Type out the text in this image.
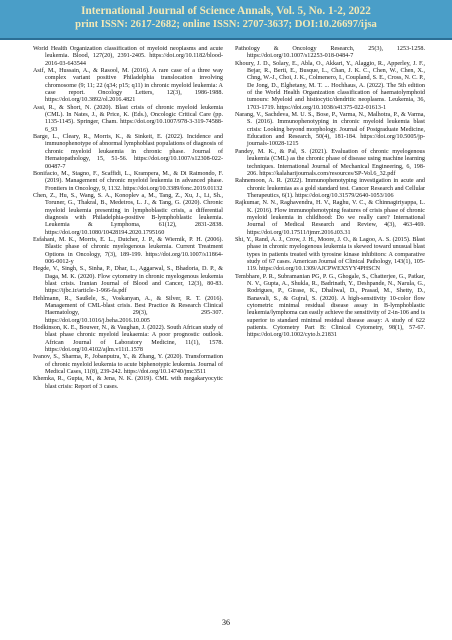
International Journal of Science Annals, Vol. 5, No. 1-2, 2022
print ISSN: 2617-2682; online ISSN: 2707-3637; DOI:10.26697/ijsa

World Health Organization classification of myeloid neoplasms and acute leukemia. Blood, 127(20), 2391-2405. https://doi.org/10.1182/blood-2016-03-643544

Asif, M., Hussain, A., & Rasool, M. (2016). A rare case of a three way complex variant positive Philadelphia translocation involving chromosome (9; 11; 22 (q34; p15; q11) in chronic myeloid leukemia: A case report. Oncology Letters, 12(3), 1986-1988. https://doi.org/10.3892/ol.2016.4821

Assi, R., & Short, N. (2020). Blast crisis of chronic myeloid leukemia (CML). In Nates, J., & Price, K. (Eds.), Oncologic Critical Care (pp. 1135-1145). Springer, Cham. https://doi.org/10.1007/978-3-319-74588-6_93

Barge, L., Cleary, R., Morris, K., & Sinkeit, E. (2022). Incidence and immunophenotype of abnormal lymphoblast populations of diagnosis of chronic myeloid leukaemia in chronic phase. Journal of Hematopathology, 15, 51-56. https://doi.org/10.1007/s12308-022-00487-7

Bonifacio, M., Stagno, F., Scaffidi, L., Krampera, M., & Di Raimondo, F. (2019). Management of chronic myeloid leukemia in advanced phase. Frontiers in Oncology, 9, 1132. https://doi.org/10.3389/fonc.2019.01132

Chen, Z., Hu, S., Wang, S. A., Konoplev a, M., Tang, Z., Xu, J., Li, Sh., Toruner, G., Thakral, B., Medeiros, L. J., & Tang, G. (2020). Chronic myeloid leukemia presenting in lymphoblastic crisis, a differential diagnosis with Philadelphia-positive B-lymphoblastic leukemia. Leukemia & Lymphoma, 61(12), 2831-2838. https://doi.org/10.1080/10428194.2020.1795160

Esfahani, M. K., Morris, E. L., Dutcher, J. P., & Wiernik, P. H. (2006). Blastic phase of chronic myelogenous leukemia. Current Treatment Options in Oncology, 7(3), 189-199. https://doi.org/10.1007/s11864-006-0012-y

Hegde, V., Singh, S., Sinha, P., Dhar, L., Aggarwal, S., Bhadoria, D. P., & Daga, M. K. (2020). Flow cytometry in chronic myelogenous leukemia blast crisis. Iranian Journal of Blood and Cancer, 12(3), 80-83. https://ijbc.ir/article-1-966-fa.pdf

Hehlmann, R., Saußele, S., Voskanyan, A., & Silver, R. T. (2016). Management of CML-blast crisis. Best Practice & Research Clinical Haematology, 29(3), 295-307. https://doi.org/10.1016/j.beha.2016.10.005

Hodkinson, K. E., Bouwer, N., & Vaughan, J. (2022). South African study of blast phase chronic myeloid leukaemia: A poor prognostic outlook. African Journal of Laboratory Medicine, 11(1), 1578. https://doi.org/10.4102/ajlm.v11i1.1578

Ivanov, S., Sharma, P., Jobanputra, Y., & Zhang, Y. (2020). Transformation of chronic myeloid leukemia to acute biphenotypic leukemia. Journal of Medical Cases, 11(8), 239-242. https://doi.org/10.14740/jmc3511

Khemka, R., Gupta, M., & Jena, N. K. (2019). CML with megakaryocytic blast crisis: Report of 3 cases.

Pathology & Oncology Research, 25(3), 1253-1258. https://doi.org/10.1007/s12253-018-0484-7

Khoury, J. D., Solary, E., Abla, O., Akkari, Y., Alaggio, R., Apperley, J. F., Bejar, R., Berti, E., Busque, L., Chan, J. K. C., Chen, W., Chen, X., Chng, W.-J., Choi, J. K., Colmenero, I., Coupland, S. E., Cross, N. C. P., De Jong, D., Elghetany, M. T. ... Hochhaus, A. (2022). The 5th edition of the World Health Organization classification of haematolymphoid tumours: Myeloid and histiocytic/dendritic neoplasms. Leukemia, 36, 1703-1719. https://doi.org/10.1038/s41375-022-01613-1

Narang, V., Sachdeva, M. U. S., Bose, P., Varma, N., Malhotra, P., & Varma, S. (2016). Immunophenotyping in chronic myeloid leukemia blast crisis: Looking beyond morphology. Journal of Postgraduate Medicine, Education and Research, 50(4), 181-184. https://doi.org/10.5005/jp-journals-10028-1215

Pandey, M. K., & Pal, S. (2021). Evaluation of chronic myelogenous leukemia (CML) as the chronic phase of disease using machine learning techniques. International Journal of Mechanical Engineering, 6, 198-206. https://kalaharijournals.com/resources/SP-Vol.6_32.pdf

Rahnemoon, A. R. (2022). Immunophenotyping investigation in acute and chronic leukemias as a gold standard test. Cancer Research and Cellular Therapeutics, 6(1). https://doi.org/10.31579/2640-1053/106

Rajkumar, N. N., Raghavendra, H. V., Raghu, V. C., & Chinnagiriyappa, L. K. (2016). Flow immunophenotyping features of crisis phase of chronic myeloid leukemia in childhood: Do we really care? International Journal of Medical Research and Review, 4(3), 463-469. https://doi.org/10.17511/ijmrr.2016.i03.31

Shi, Y., Rand, A. J., Crow, J. H., Moore, J. O., & Lagoo, A. S. (2015). Blast phase in chronic myelogenous leukemia is skewed toward unusual blast types in patients treated with tyrosine kinase inhibitors: A comparative study of 67 cases. American Journal of Clinical Pathology, 143(1), 105-119. https://doi.org/10.1309/AJCPWEX5YY4PHSCN

Tembhare, P. R., Subramanian PG, P. G., Ghogale, S., Chatterjee, G., Patkar, N. V., Gupta, A., Shukla, R., Badrinath, Y., Deshpande, N., Narula, G., Rodrigues, P., Girase, K., Dhaliwal, D., Prasad, M., Shetty, D., Banavali, S., & Gujral, S. (2020). A high-sensitivity 10-color flow cytometric minimal residual disease assay in B-lymphoblastic leukemia/lymphoma can easily achieve the sensitivity of 2-in-106 and is superior to standard minimal residual disease assay: A study of 622 patients. Cytometry Part B: Clinical Cytometry, 98(1), 57-67. https://doi.org/10.1002/cyto.b.21831

36
